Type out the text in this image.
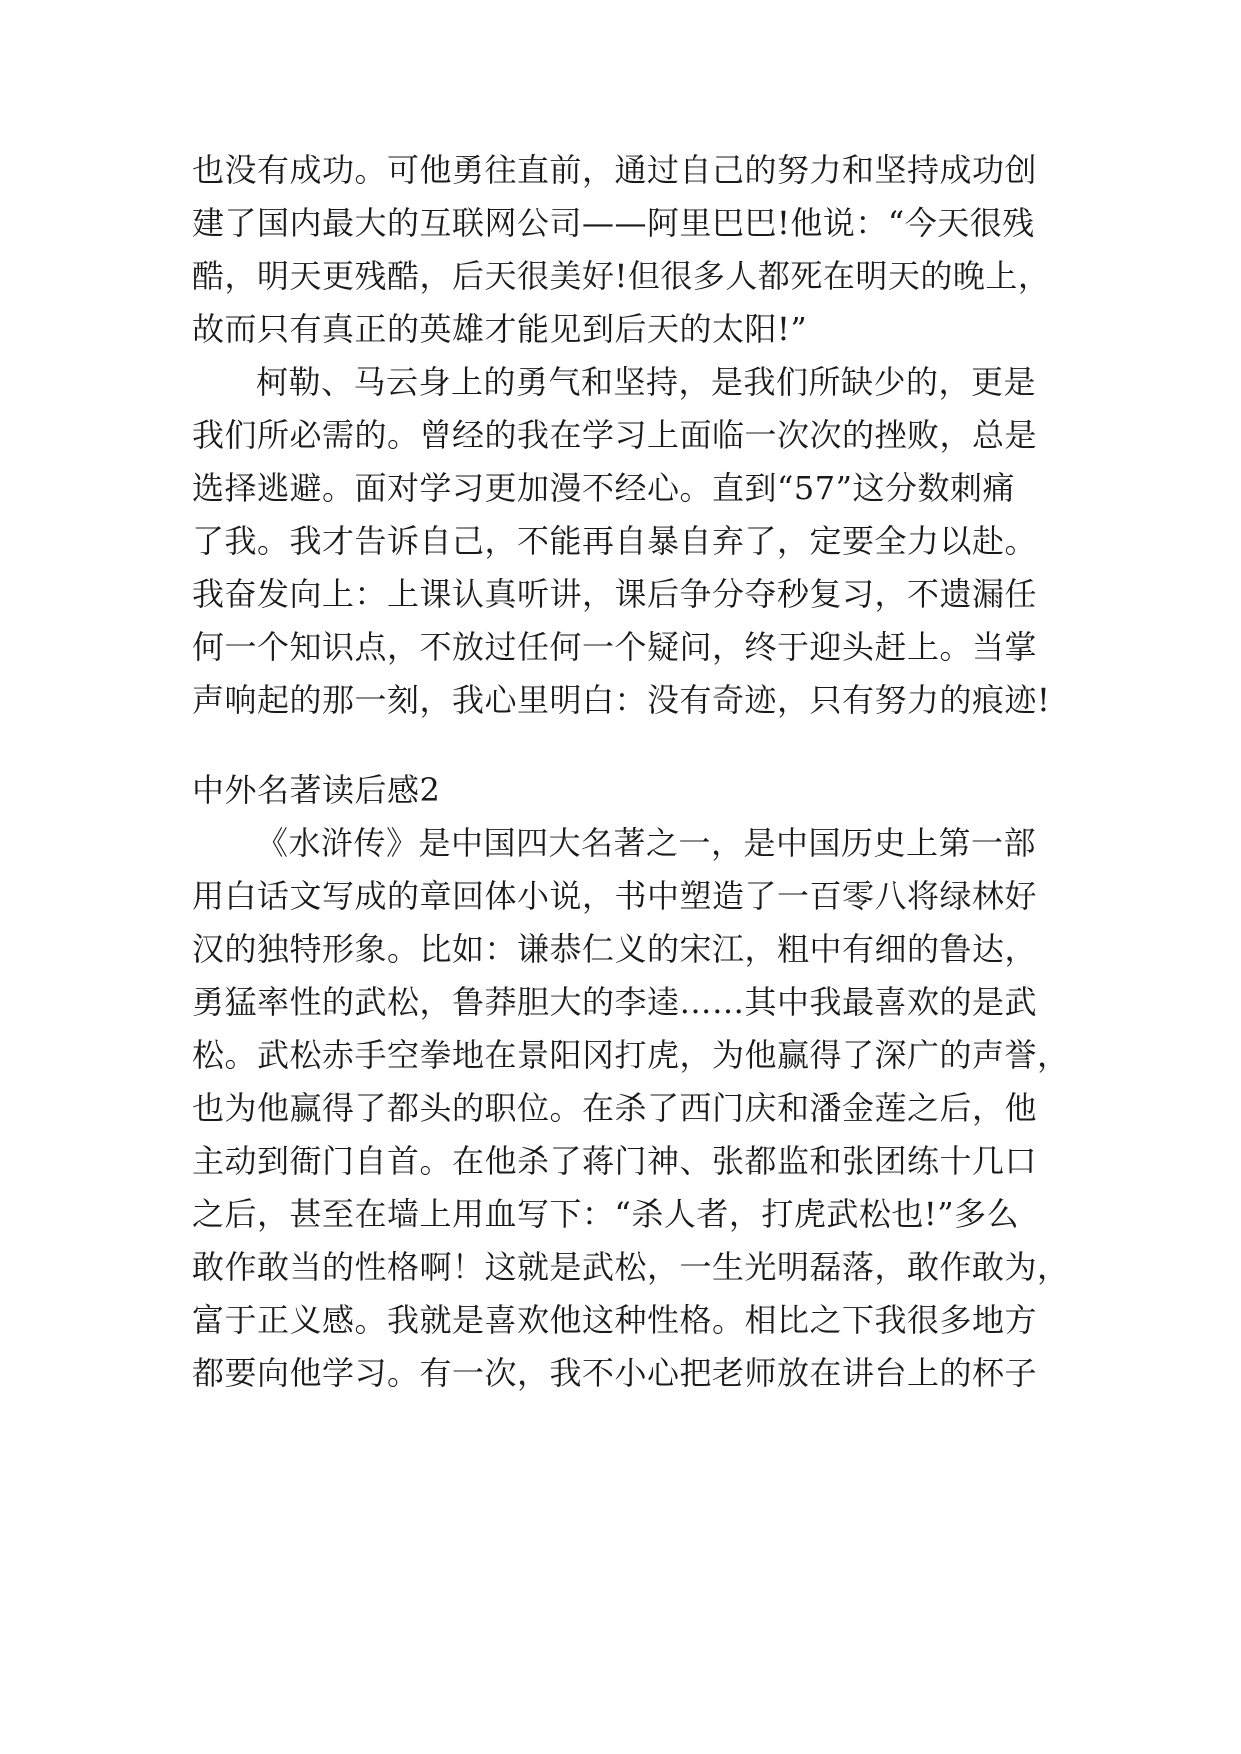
也没有成功。可他勇往直前，通过自己的努力和坚持成功创
建了国内最大的互联网公司——阿里巴巴!他说：“今天很残
酷，明天更残酷，后天很美好!但很多人都死在明天的晚上，
故而只有真正的英雄才能见到后天的太阳!”
柯勒、马云身上的勇气和坚持，是我们所缺少的，更是
我们所必需的。曾经的我在学习上面临一次次的挫败，总是
选择逃避。面对学习更加漫不经心。直到“57”这分数刺痛
了我。我才告诉自己，不能再自暴自弃了，定要全力以赴。
我奋发向上：上课认真听讲，课后争分夺秒复习，不遗漏任
何一个知识点，不放过任何一个疑问，终于迎头赶上。当掌
声响起的那一刻，我心里明白：没有奇迹，只有努力的痕迹!
中外名著读后感2
《水浒传》是中国四大名著之一，是中国历史上第一部
用白话文写成的章回体小说，书中塑造了一百零八将绿林好
汉的独特形象。比如：谦恭仁义的宋江，粗中有细的鲁达，
勇猛率性的武松，鲁莽胆大的李逵……其中我最喜欢的是武
松。武松赤手空拳地在景阳冈打虎，为他赢得了深广的声誉，
也为他赢得了都头的职位。在杀了西门庆和潘金莲之后，他
主动到衙门自首。在他杀了蒋门神、张都监和张团练十几口
之后，甚至在墙上用血写下：“杀人者，打虎武松也!”多么
敢作敢当的性格啊！这就是武松，一生光明磊落，敢作敢为，
富于正义感。我就是喜欢他这种性格。相比之下我很多地方
都要向他学习。有一次，我不小心把老师放在讲台上的杯子
